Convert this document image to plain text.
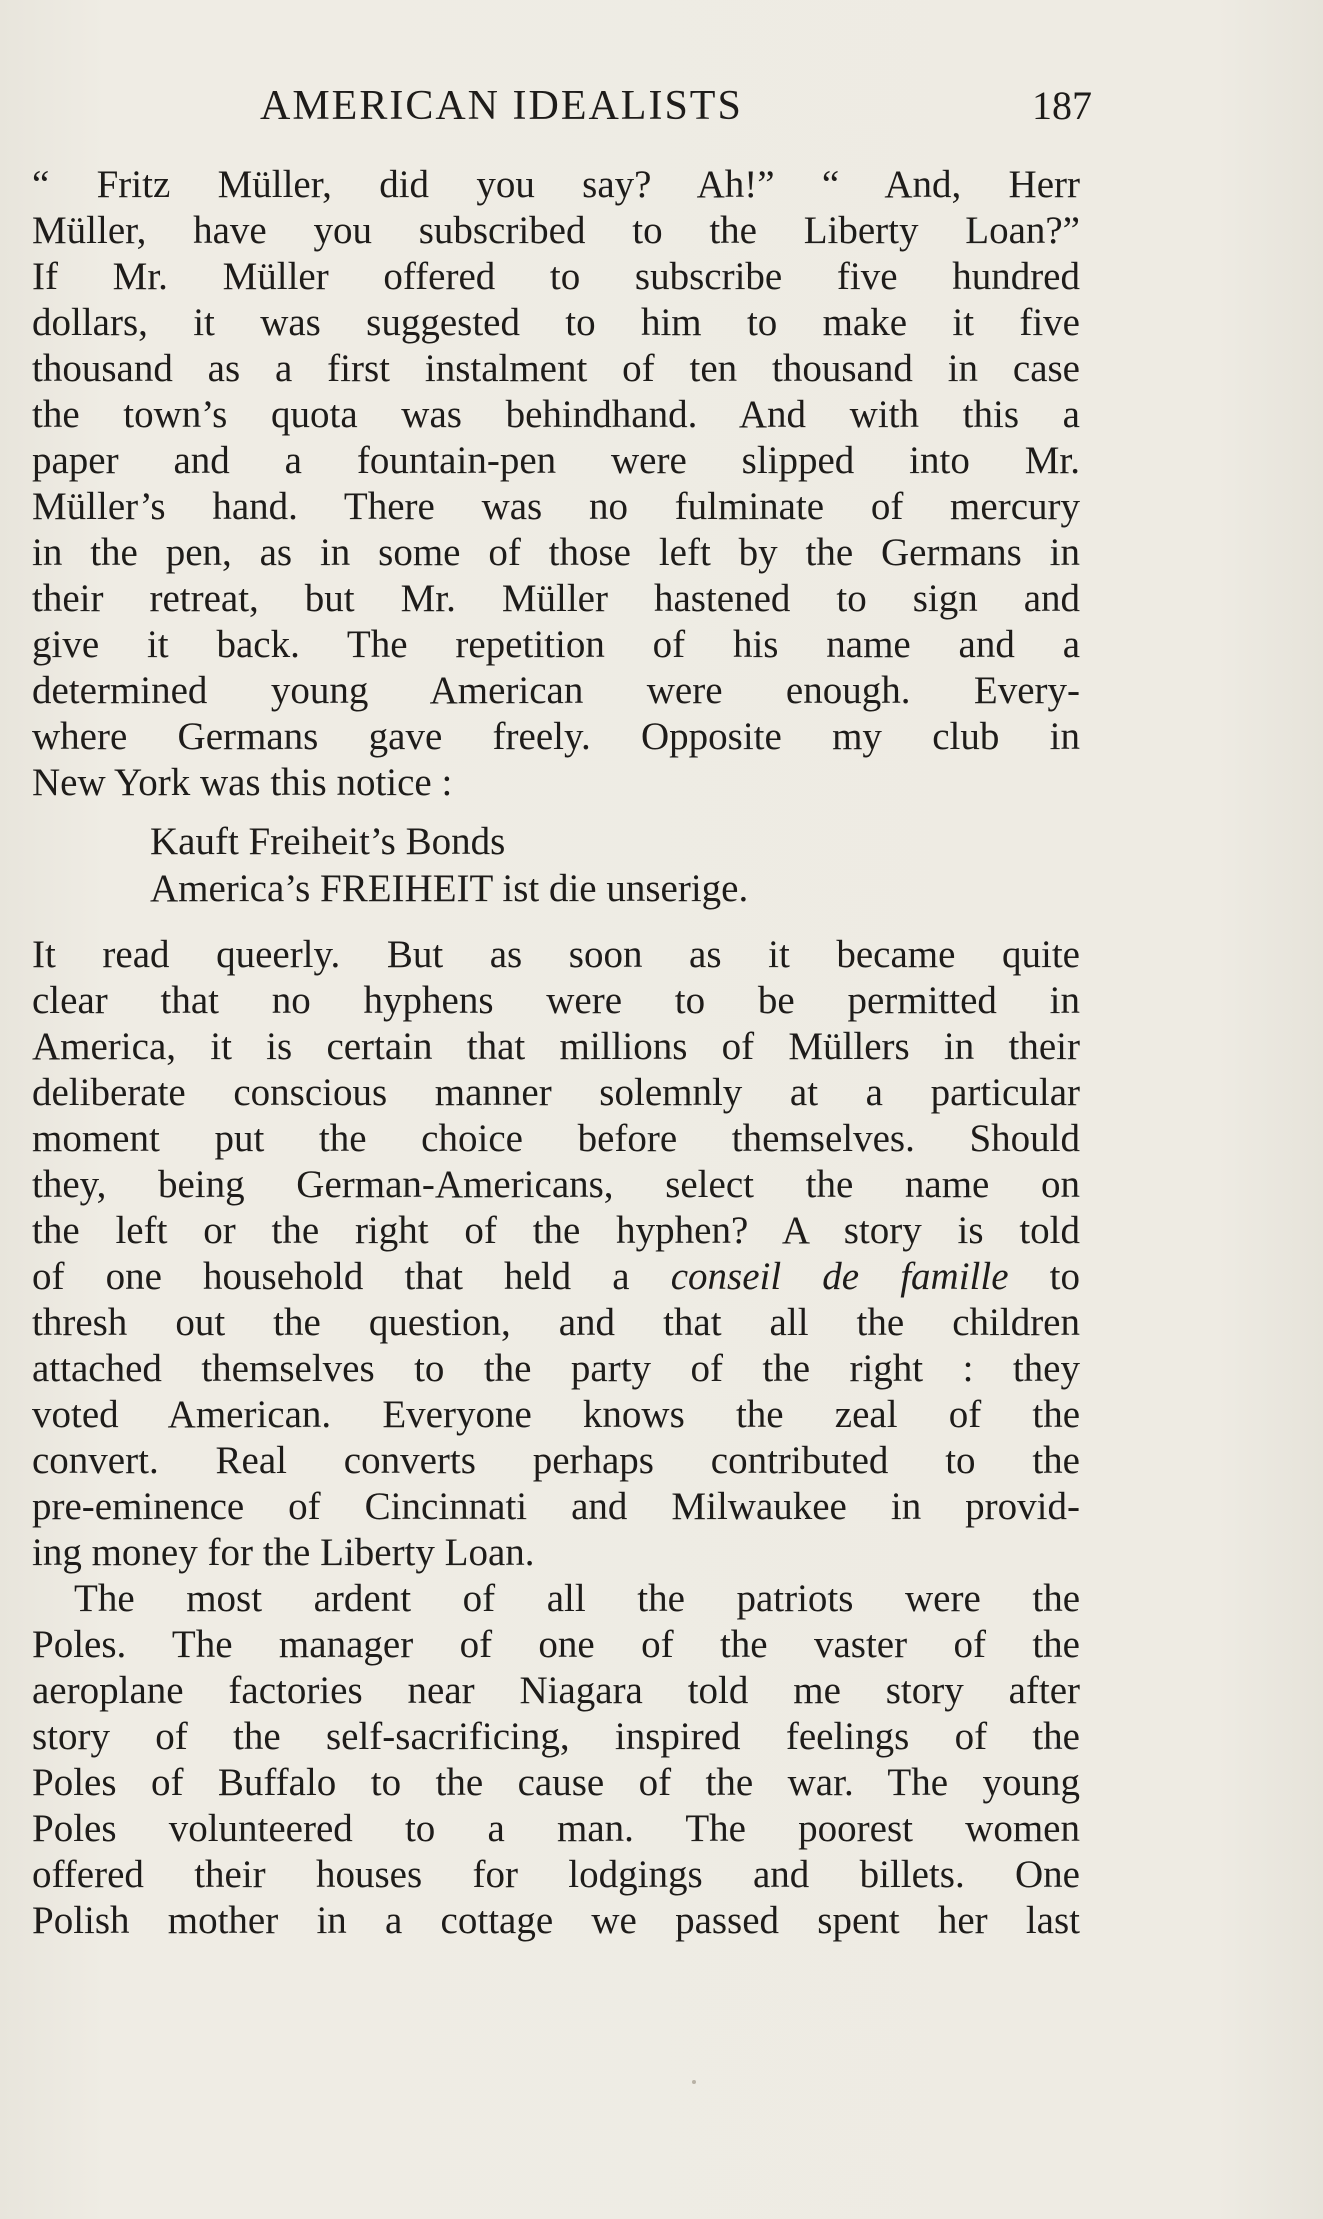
AMERICAN IDEALISTS	187
“ Fritz Müller, did you say? Ah!” “ And, Herr
Müller, have you subscribed to the Liberty Loan?”
If Mr. Müller offered to subscribe five hundred
dollars, it was suggested to him to make it five
thousand as a first instalment of ten thousand in case
the town’s quota was behindhand. And with this a
paper and a fountain-pen were slipped into Mr.
Müller’s hand. There was no fulminate of mercury
in the pen, as in some of those left by the Germans in
their retreat, but Mr. Müller hastened to sign and
give it back. The repetition of his name and a
determined young American were enough. Every-
where Germans gave freely. Opposite my club in
New York was this notice :
Kauft Freiheit’s Bonds
America’s FREIHEIT ist die unserige.
It read queerly. But as soon as it became quite
clear that no hyphens were to be permitted in
America, it is certain that millions of Müllers in their
deliberate conscious manner solemnly at a particular
moment put the choice before themselves. Should
they, being German-Americans, select the name on
the left or the right of the hyphen? A story is told
of one household that held a conseil de famille to
thresh out the question, and that all the children
attached themselves to the party of the right : they
voted American. Everyone knows the zeal of the
convert. Real converts perhaps contributed to the
pre-eminence of Cincinnati and Milwaukee in provid-
ing money for the Liberty Loan.
The most ardent of all the patriots were the
Poles. The manager of one of the vaster of the
aeroplane factories near Niagara told me story after
story of the self-sacrificing, inspired feelings of the
Poles of Buffalo to the cause of the war. The young
Poles volunteered to a man. The poorest women
offered their houses for lodgings and billets. One
Polish mother in a cottage we passed spent her last
